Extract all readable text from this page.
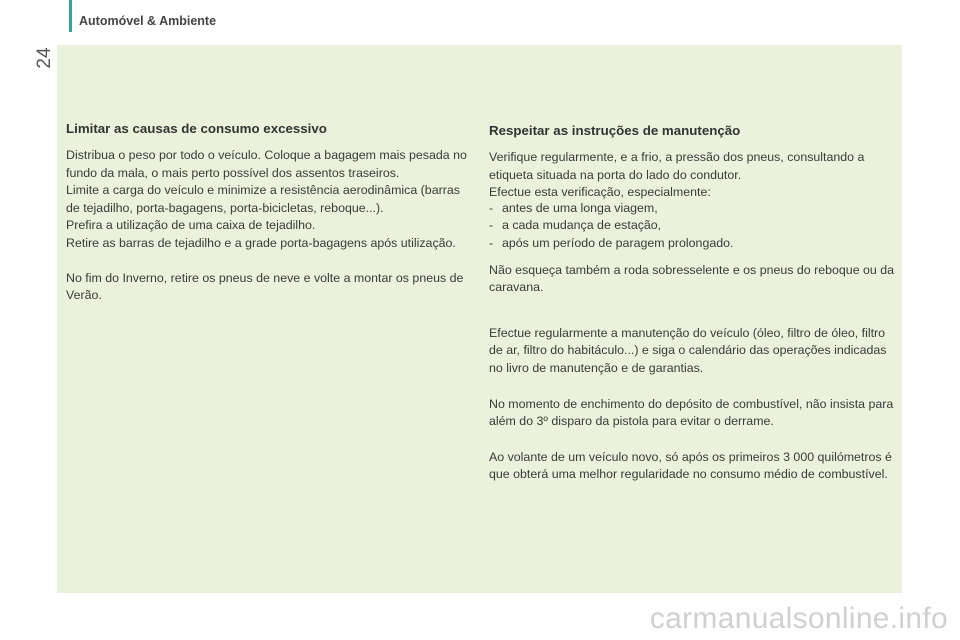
24
Automóvel & Ambiente
Limitar as causas de consumo excessivo

Distribua o peso por todo o veículo. Coloque a bagagem mais pesada no fundo da mala, o mais perto possível dos assentos traseiros.

Limite a carga do veículo e minimize a resistência aerodinâmica (barras de tejadilho, porta-bagagens, porta-bicicletas, reboque...).

Prefira a utilização de uma caixa de tejadilho.

Retire as barras de tejadilho e a grade porta-bagagens após utilização.

No fim do Inverno, retire os pneus de neve e volte a montar os pneus de Verão.

Respeitar as instruções de manutenção

Verifique regularmente, e a frio, a pressão dos pneus, consultando a etiqueta situada na porta do lado do condutor.

Efectue esta verificação, especialmente:

- antes de uma longa viagem,
- a cada mudança de estação,
- após um período de paragem prolongado.

Não esqueça também a roda sobresselente e os pneus do reboque ou da caravana.

Efectue regularmente a manutenção do veículo (óleo, filtro de óleo, filtro de ar, filtro do habitáculo...) e siga o calendário das operações indicadas no livro de manutenção e de garantias.

No momento de enchimento do depósito de combustível, não insista para além do 3º disparo da pistola para evitar o derrame.

Ao volante de um veículo novo, só após os primeiros 3 000 quilómetros é que obterá uma melhor regularidade no consumo médio de combustível.

carmanualsonline.info
